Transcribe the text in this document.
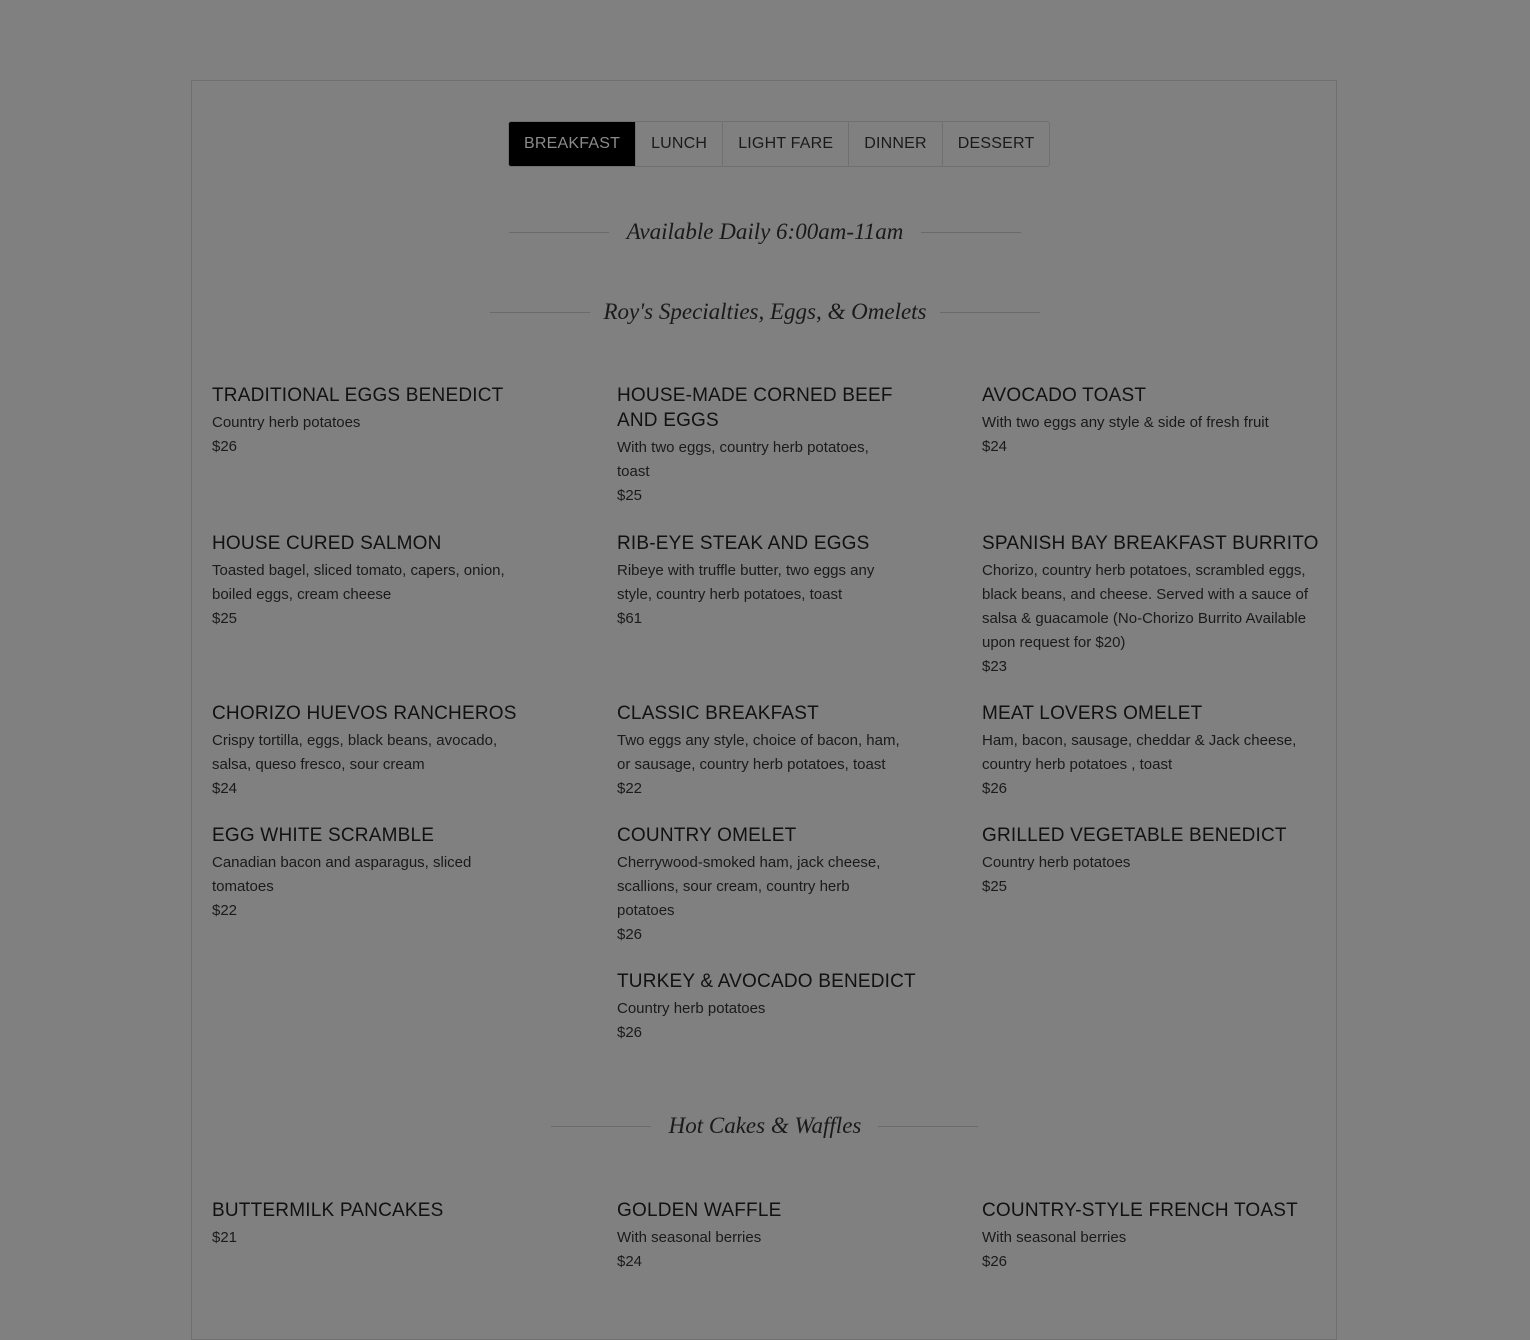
BREAKFAST	LUNCH	LIGHT FARE	DINNER	DESSERT
Available Daily 6:00am-11am
Roy's Specialties, Eggs, & Omelets
TRADITIONAL EGGS BENEDICT
Country herb potatoes
$26
HOUSE-MADE CORNED BEEF AND EGGS
With two eggs, country herb potatoes, toast
$25
AVOCADO TOAST
With two eggs any style & side of fresh fruit
$24
HOUSE CURED SALMON
Toasted bagel, sliced tomato, capers, onion, boiled eggs, cream cheese
$25
RIB-EYE STEAK AND EGGS
Ribeye with truffle butter, two eggs any style, country herb potatoes, toast
$61
SPANISH BAY BREAKFAST BURRITO
Chorizo, country herb potatoes, scrambled eggs, black beans, and cheese. Served with a sauce of salsa & guacamole (No-Chorizo Burrito Available upon request for $20)
$23
CHORIZO HUEVOS RANCHEROS
Crispy tortilla, eggs, black beans, avocado, salsa, queso fresco, sour cream
$24
CLASSIC BREAKFAST
Two eggs any style, choice of bacon, ham, or sausage, country herb potatoes, toast
$22
MEAT LOVERS OMELET
Ham, bacon, sausage, cheddar & Jack cheese, country herb potatoes , toast
$26
EGG WHITE SCRAMBLE
Canadian bacon and asparagus, sliced tomatoes
$22
COUNTRY OMELET
Cherrywood-smoked ham, jack cheese, scallions, sour cream, country herb potatoes
$26
GRILLED VEGETABLE BENEDICT
Country herb potatoes
$25
TURKEY & AVOCADO BENEDICT
Country herb potatoes
$26
Hot Cakes & Waffles
BUTTERMILK PANCAKES
$21
GOLDEN WAFFLE
With seasonal berries
$24
COUNTRY-STYLE FRENCH TOAST
With seasonal berries
$26
